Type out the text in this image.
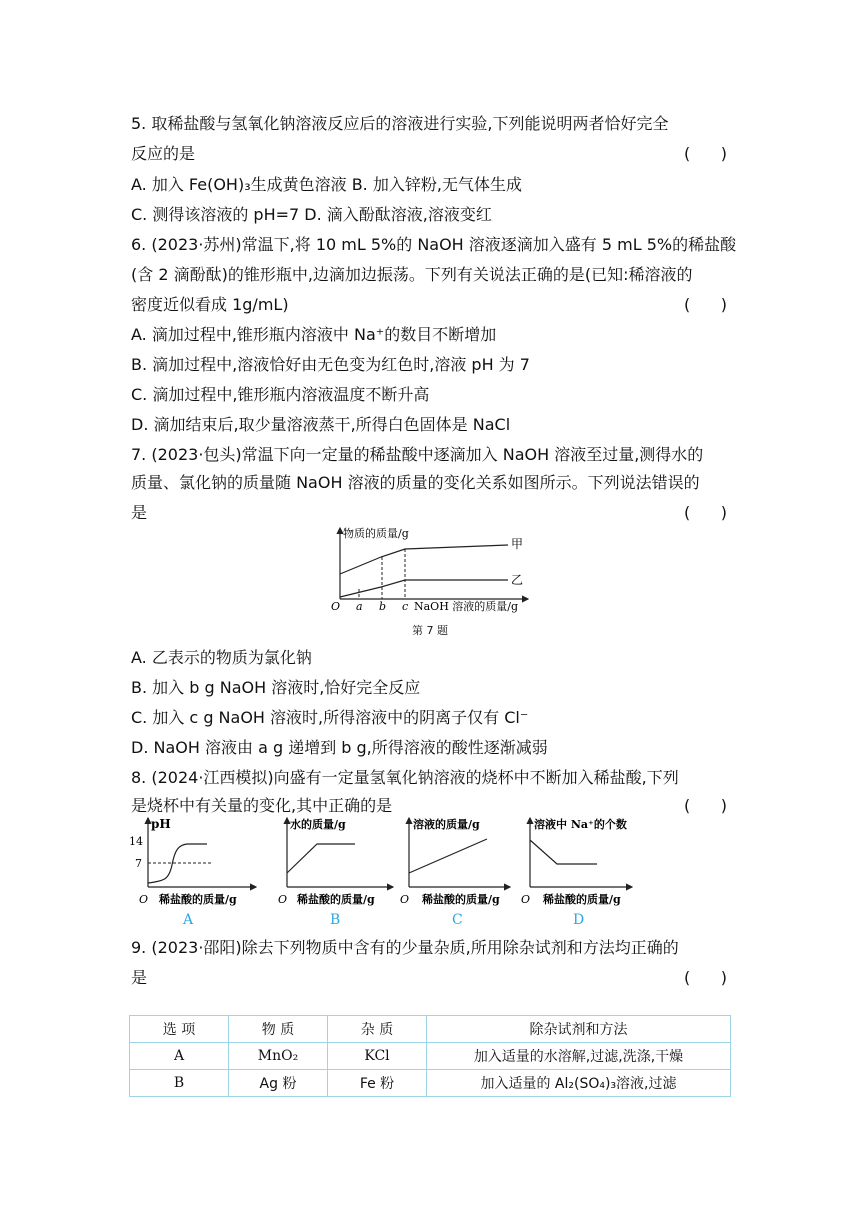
5. 取稀盐酸与氢氧化钠溶液反应后的溶液进行实验,下列能说明两者恰好完全
反应的是	(      )
A. 加入 Fe(OH)₃生成黄色溶液 B. 加入锌粉,无气体生成
C. 测得该溶液的 pH=7 D. 滴入酚酞溶液,溶液变红
6. (2023·苏州)常温下,将 10 mL 5%的 NaOH 溶液逐滴加入盛有 5 mL 5%的稀盐酸
(含 2 滴酚酞)的锥形瓶中,边滴加边振荡。下列有关说法正确的是(已知:稀溶液的
密度近似看成 1g/mL)	(      )
A. 滴加过程中,锥形瓶内溶液中 Na⁺的数目不断增加
B. 滴加过程中,溶液恰好由无色变为红色时,溶液 pH 为 7
C. 滴加过程中,锥形瓶内溶液温度不断升高
D. 滴加结束后,取少量溶液蒸干,所得白色固体是 NaCl
7. (2023·包头)常温下向一定量的稀盐酸中逐滴加入 NaOH 溶液至过量,测得水的
质量、氯化钠的质量随 NaOH 溶液的质量的变化关系如图所示。下列说法错误的
是	(      )
物质的质量/g
甲
乙
O a b c NaOH 溶液的质量/g
第 7 题
A. 乙表示的物质为氯化钠
B. 加入 b g NaOH 溶液时,恰好完全反应
C. 加入 c g NaOH 溶液时,所得溶液中的阴离子仅有 Cl⁻
D. NaOH 溶液由 a g 递增到 b g,所得溶液的酸性逐渐减弱
8. (2024·江西模拟)向盛有一定量氢氧化钠溶液的烧杯中不断加入稀盐酸,下列
是烧杯中有关量的变化,其中正确的是	(      )
pH
14
7
O 稀盐酸的质量/g
A
水的质量/g
O 稀盐酸的质量/g
B
溶液的质量/g
O 稀盐酸的质量/g
C
溶液中 Na⁺的个数
O 稀盐酸的质量/g
D
9. (2023·邵阳)除去下列物质中含有的少量杂质,所用除杂试剂和方法均正确的
是	(      )
选 项	物 质	杂 质	除杂试剂和方法
A	MnO₂	KCl	加入适量的水溶解,过滤,洗涤,干燥
B	Ag 粉	Fe 粉	加入适量的 Al₂(SO₄)₃溶液,过滤
